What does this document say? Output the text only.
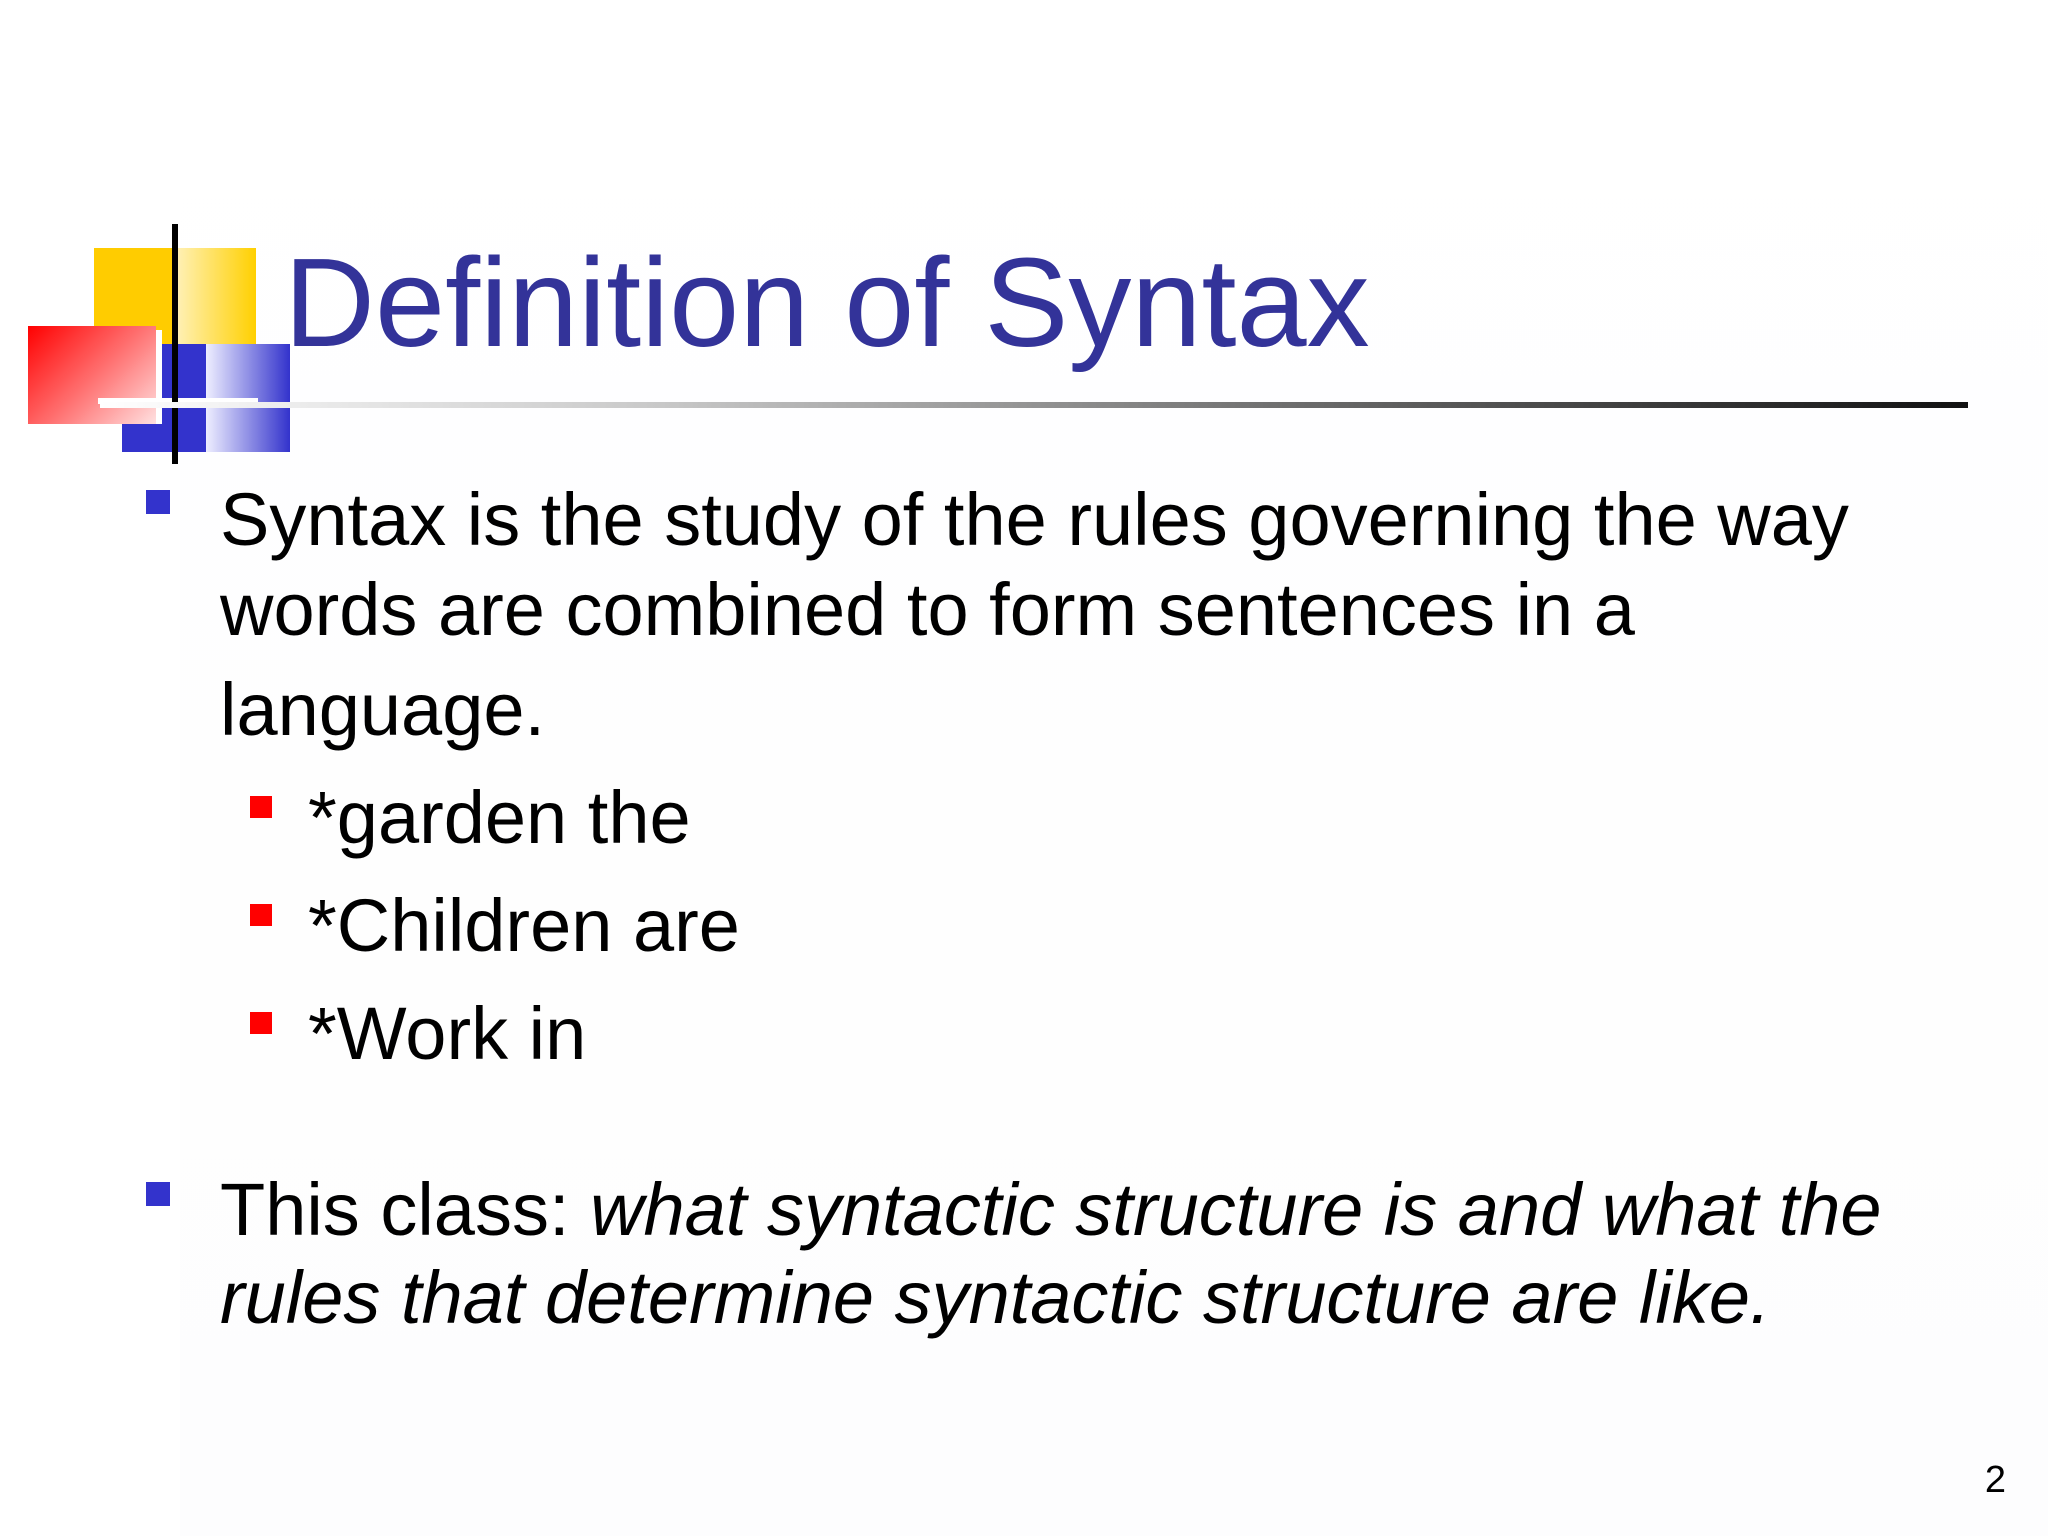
Definition of Syntax
Syntax is the study of the rules governing the way
words are combined to form sentences in a
language.
*garden the
*Children are
*Work in
This class: what syntactic structure is and what the rules that determine syntactic structure are like.
2
